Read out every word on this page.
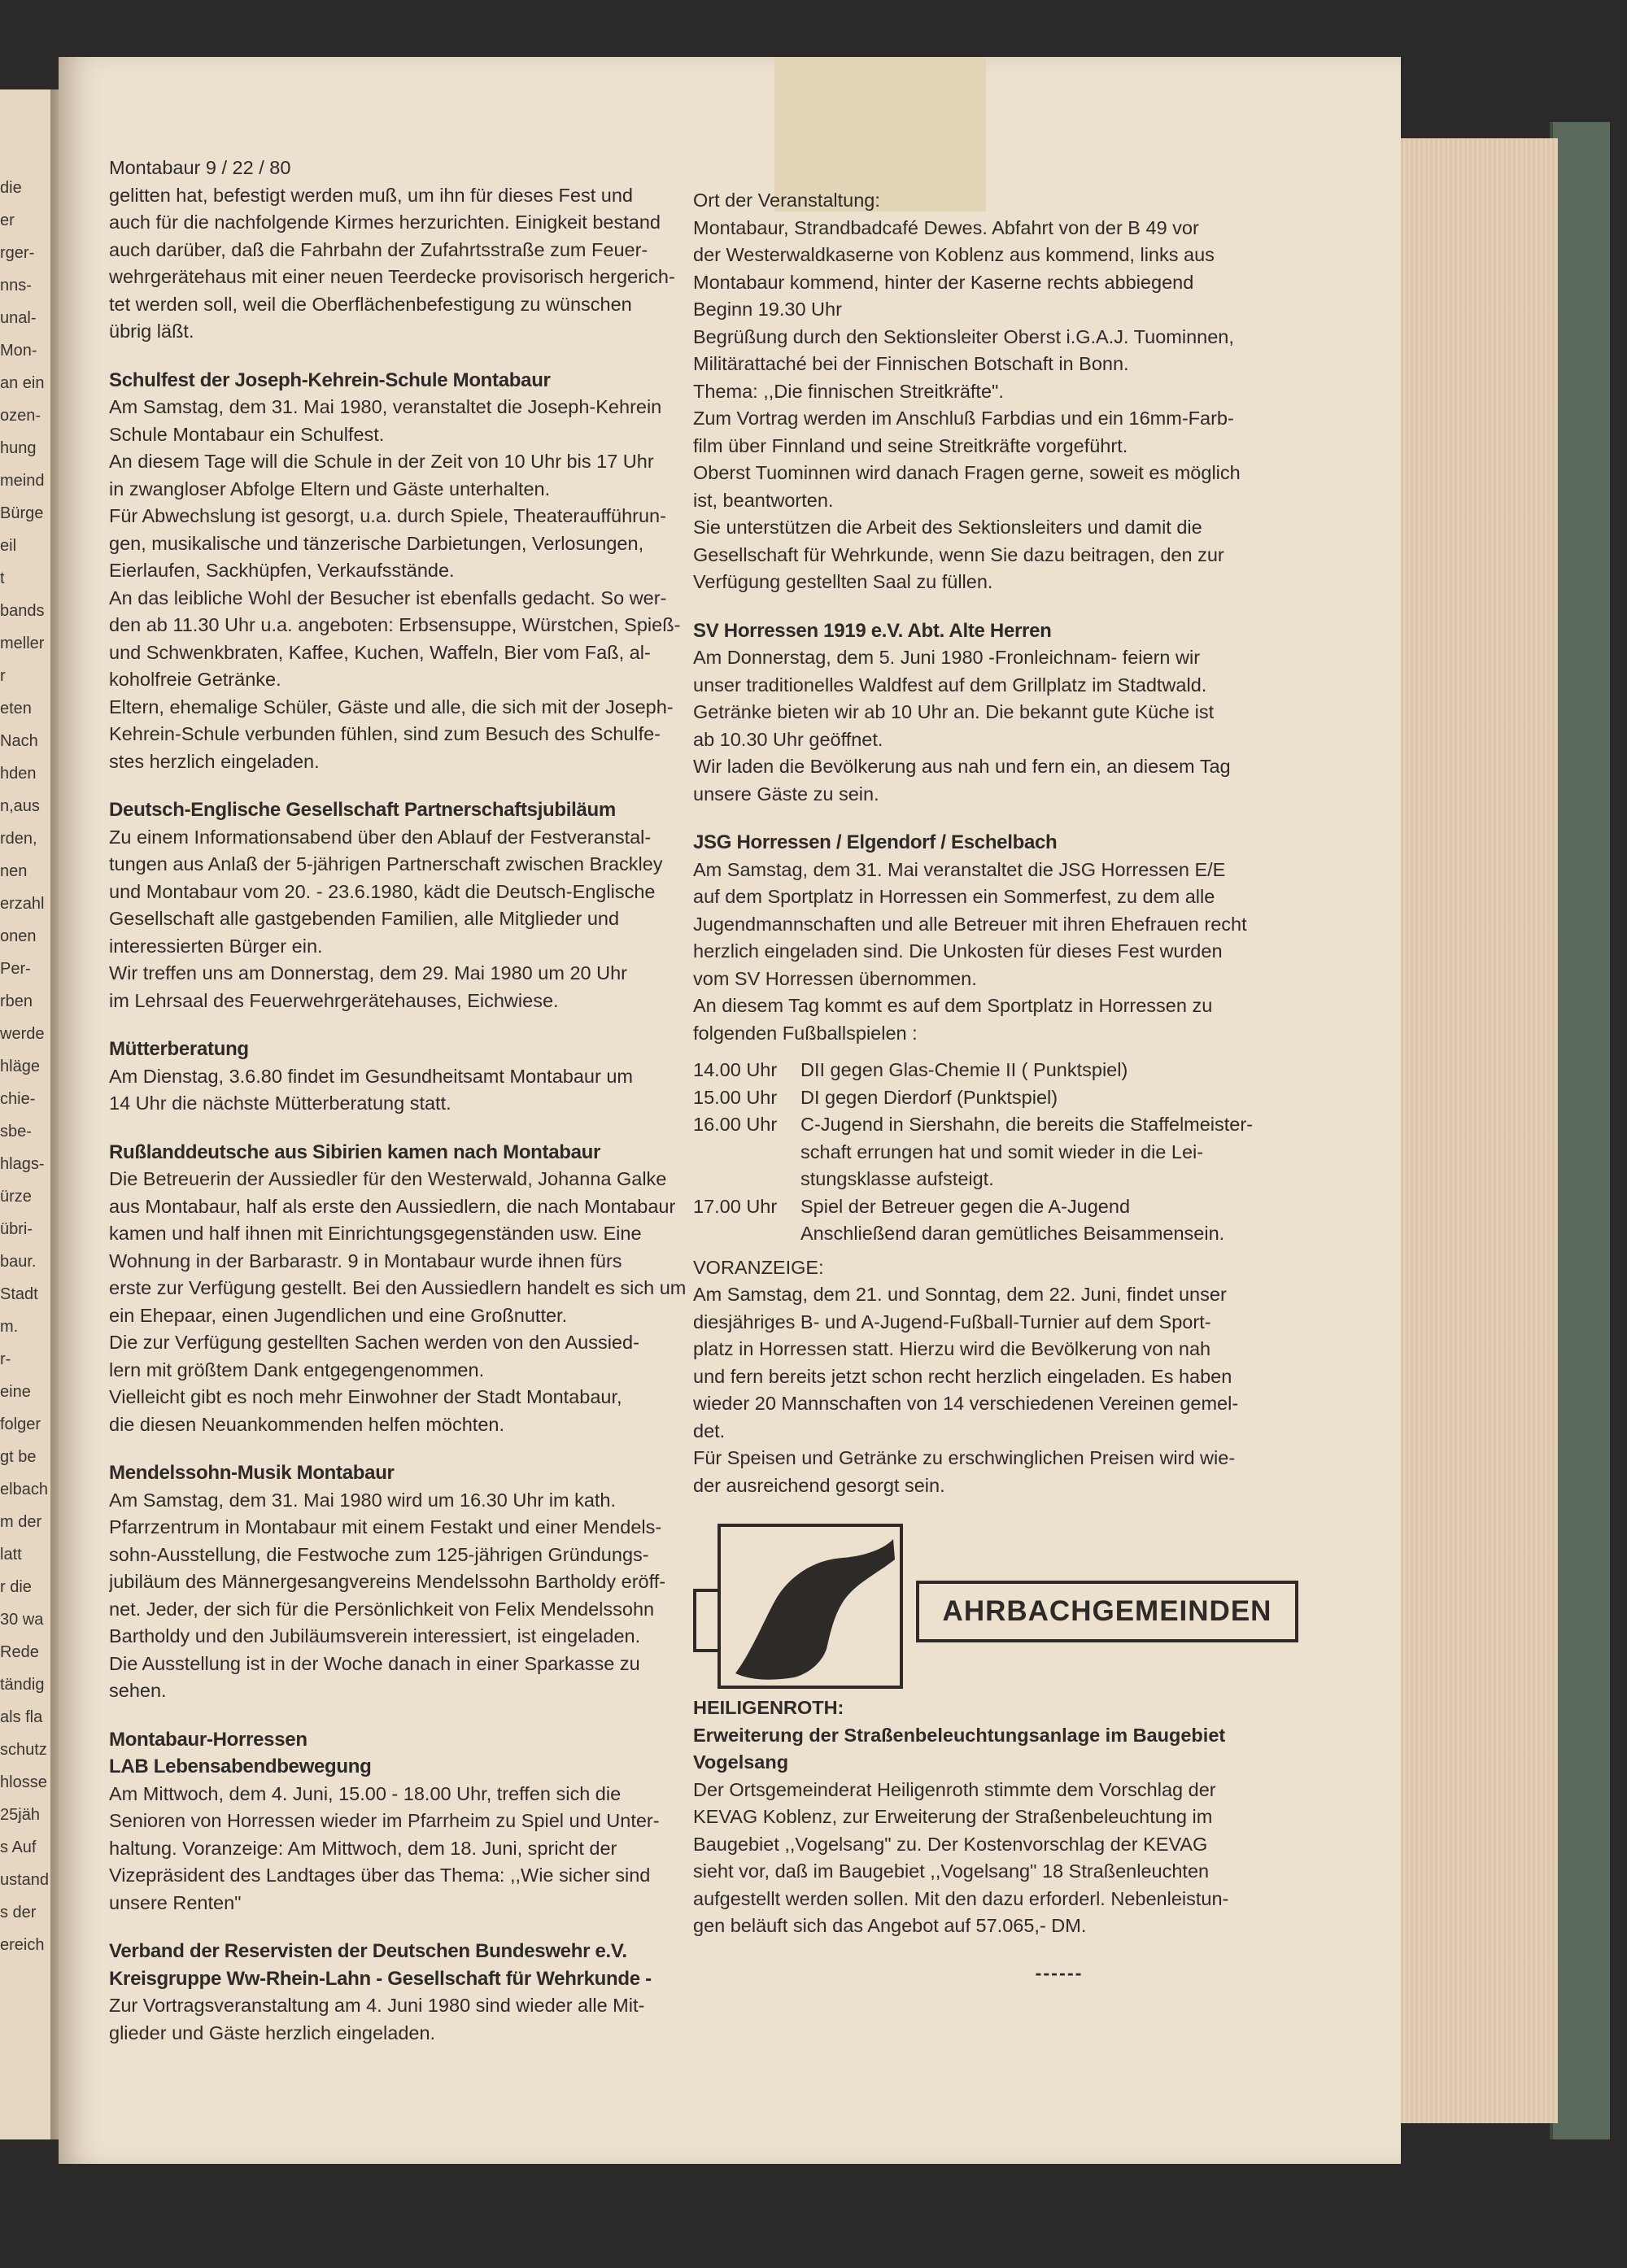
die
er
rger-
nns-
unal-
Mon-
an ein
ozen-
hung
meind
Bürge
eil
t
bands
meller
r
eten
Nach
hden
n,aus
rden,
nen
erzahl
onen
Per-
rben
werde
hläge
chie-
sbe-
hlags-
ürze
übri-
baur.
Stadt
m.
r-
eine
folger
gt be
elbach
m der
latt
r die
30 wa
Rede
tändig
als fla
schutz
hlosse
25jäh
s Auf
ustand
s der
ereich
Montabaur 9 / 22 / 80
gelitten hat, befestigt werden muß, um ihn für dieses Fest und
auch für die nachfolgende Kirmes herzurichten. Einigkeit bestand
auch darüber, daß die Fahrbahn der Zufahrtsstraße zum Feuer-
wehrgerätehaus mit einer neuen Teerdecke provisorisch hergerich-
tet werden soll, weil die Oberflächenbefestigung zu wünschen
übrig läßt.
Schulfest der Joseph-Kehrein-Schule Montabaur
Am Samstag, dem 31. Mai 1980, veranstaltet die Joseph-Kehrein
Schule Montabaur ein Schulfest.
An diesem Tage will die Schule in der Zeit von 10 Uhr bis 17 Uhr
in zwangloser Abfolge Eltern und Gäste unterhalten.
Für Abwechslung ist gesorgt, u.a. durch Spiele, Theateraufführun-
gen, musikalische und tänzerische Darbietungen, Verlosungen,
Eierlaufen, Sackhüpfen, Verkaufsstände.
An das leibliche Wohl der Besucher ist ebenfalls gedacht. So wer-
den ab 11.30 Uhr u.a. angeboten: Erbsensuppe, Würstchen, Spieß-
und Schwenkbraten, Kaffee, Kuchen, Waffeln, Bier vom Faß, al-
koholfreie Getränke.
Eltern, ehemalige Schüler, Gäste und alle, die sich mit der Joseph-
Kehrein-Schule verbunden fühlen, sind zum Besuch des Schulfe-
stes herzlich eingeladen.
Deutsch-Englische Gesellschaft Partnerschaftsjubiläum
Zu einem Informationsabend über den Ablauf der Festveranstal-
tungen aus Anlaß der 5-jährigen Partnerschaft zwischen Brackley
und Montabaur vom 20. - 23.6.1980, kädt die Deutsch-Englische
Gesellschaft alle gastgebenden Familien, alle Mitglieder und
interessierten Bürger ein.
Wir treffen uns am Donnerstag, dem 29. Mai 1980 um 20 Uhr
im Lehrsaal des Feuerwehrgerätehauses, Eichwiese.
Mütterberatung
Am Dienstag, 3.6.80 findet im Gesundheitsamt Montabaur um
14 Uhr die nächste Mütterberatung statt.
Rußlanddeutsche aus Sibirien kamen nach Montabaur
Die Betreuerin der Aussiedler für den Westerwald, Johanna Galke
aus Montabaur, half als erste den Aussiedlern, die nach Montabaur
kamen und half ihnen mit Einrichtungsgegenständen usw. Eine
Wohnung in der Barbarastr. 9 in Montabaur wurde ihnen fürs
erste zur Verfügung gestellt. Bei den Aussiedlern handelt es sich um
ein Ehepaar, einen Jugendlichen und eine Großnutter.
Die zur Verfügung gestellten Sachen werden von den Aussied-
lern mit größtem Dank entgegengenommen.
Vielleicht gibt es noch mehr Einwohner der Stadt Montabaur,
die diesen Neuankommenden helfen möchten.
Mendelssohn-Musik Montabaur
Am Samstag, dem 31. Mai 1980 wird um 16.30 Uhr im kath.
Pfarrzentrum in Montabaur mit einem Festakt und einer Mendels-
sohn-Ausstellung, die Festwoche zum 125-jährigen Gründungs-
jubiläum des Männergesangvereins Mendelssohn Bartholdy eröff-
net. Jeder, der sich für die Persönlichkeit von Felix Mendelssohn
Bartholdy und den Jubiläumsverein interessiert, ist eingeladen.
Die Ausstellung ist in der Woche danach in einer Sparkasse zu
sehen.
Montabaur-Horressen
LAB Lebensabendbewegung
Am Mittwoch, dem 4. Juni, 15.00 - 18.00 Uhr, treffen sich die
Senioren von Horressen wieder im Pfarrheim zu Spiel und Unter-
haltung. Voranzeige: Am Mittwoch, dem 18. Juni, spricht der
Vizepräsident des Landtages über das Thema: ,,Wie sicher sind
unsere Renten"
Verband der Reservisten der Deutschen Bundeswehr e.V.
Kreisgruppe Ww-Rhein-Lahn - Gesellschaft für Wehrkunde -
Zur Vortragsveranstaltung am 4. Juni 1980 sind wieder alle Mit-
glieder und Gäste herzlich eingeladen.
Ort der Veranstaltung:
Montabaur, Strandbadcafé Dewes. Abfahrt von der B 49 vor
der Westerwaldkaserne von Koblenz aus kommend, links aus
Montabaur kommend, hinter der Kaserne rechts abbiegend
Beginn 19.30 Uhr
Begrüßung durch den Sektionsleiter Oberst i.G.A.J. Tuominnen,
Militärattaché bei der Finnischen Botschaft in Bonn.
Thema: ,,Die finnischen Streitkräfte".
Zum Vortrag werden im Anschluß Farbdias und ein 16mm-Farb-
film über Finnland und seine Streitkräfte vorgeführt.
Oberst Tuominnen wird danach Fragen gerne, soweit es möglich
ist, beantworten.
Sie unterstützen die Arbeit des Sektionsleiters und damit die
Gesellschaft für Wehrkunde, wenn Sie dazu beitragen, den zur
Verfügung gestellten Saal zu füllen.
SV Horressen 1919 e.V. Abt. Alte Herren
Am Donnerstag, dem 5. Juni 1980 -Fronleichnam- feiern wir
unser traditionelles Waldfest auf dem Grillplatz im Stadtwald.
Getränke bieten wir ab 10 Uhr an. Die bekannt gute Küche ist
ab 10.30 Uhr geöffnet.
Wir laden die Bevölkerung aus nah und fern ein, an diesem Tag
unsere Gäste zu sein.
JSG Horressen / Elgendorf / Eschelbach
Am Samstag, dem 31. Mai veranstaltet die JSG Horressen E/E
auf dem Sportplatz in Horressen ein Sommerfest, zu dem alle
Jugendmannschaften und alle Betreuer mit ihren Ehefrauen recht
herzlich eingeladen sind. Die Unkosten für dieses Fest wurden
vom SV Horressen übernommen.
An diesem Tag kommt es auf dem Sportplatz in Horressen zu
folgenden Fußballspielen :
14.00 Uhr	DII gegen Glas-Chemie II ( Punktspiel)
15.00 Uhr	DI gegen Dierdorf (Punktspiel)
16.00 Uhr	C-Jugend in Siershahn, die bereits die Staffelmeister-
schaft errungen hat und somit wieder in die Lei-
stungsklasse aufsteigt.
17.00 Uhr	Spiel der Betreuer gegen die A-Jugend
Anschließend daran gemütliches Beisammensein.
VORANZEIGE:
Am Samstag, dem 21. und Sonntag, dem 22. Juni, findet unser
diesjähriges B- und A-Jugend-Fußball-Turnier auf dem Sport-
platz in Horressen statt. Hierzu wird die Bevölkerung von nah
und fern bereits jetzt schon recht herzlich eingeladen. Es haben
wieder 20 Mannschaften von 14 verschiedenen Vereinen gemel-
det.
Für Speisen und Getränke zu erschwinglichen Preisen wird wie-
der ausreichend gesorgt sein.
AHRBACHGEMEINDEN
HEILIGENROTH:
Erweiterung der Straßenbeleuchtungsanlage im Baugebiet
Vogelsang
Der Ortsgemeinderat Heiligenroth stimmte dem Vorschlag der
KEVAG Koblenz, zur Erweiterung der Straßenbeleuchtung im
Baugebiet ,,Vogelsang" zu. Der Kostenvorschlag der KEVAG
sieht vor, daß im Baugebiet ,,Vogelsang" 18 Straßenleuchten
aufgestellt werden sollen. Mit den dazu erforderl. Nebenleistun-
gen beläuft sich das Angebot auf 57.065,- DM.
------
